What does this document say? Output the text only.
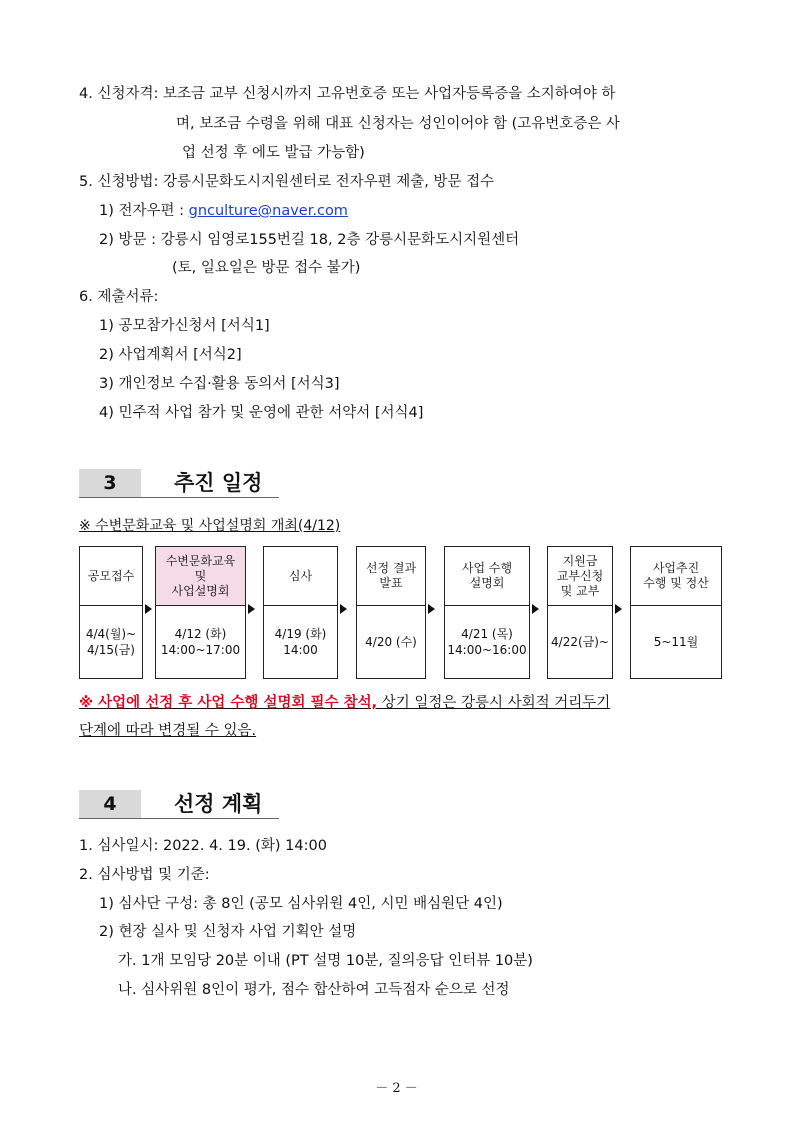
4. 신청자격: 보조금 교부 신청시까지 고유번호증 또는 사업자등록증을 소지하여야 하
며, 보조금 수령을 위해 대표 신청자는 성인이어야 함 (고유번호증은 사
업 선정 후 에도 발급 가능함)
5. 신청방법: 강릉시문화도시지원센터로 전자우편 제출, 방문 접수
1) 전자우편 : gnculture@naver.com
2) 방문 : 강릉시 임영로155번길 18, 2층 강릉시문화도시지원센터
(토, 일요일은 방문 접수 불가)
6. 제출서류:
1) 공모참가신청서 [서식1]
2) 사업계획서 [서식2]
3) 개인정보 수집·활용 동의서 [서식3]
4) 민주적 사업 참가 및 운영에 관한 서약서 [서식4]
3	추진 일정
※ 수변문화교육 및 사업설명회 개최(4/12)
공모접수
4/4(월)~
4/15(금)
수변문화교육
및
사업설명회
4/12 (화)
14:00~17:00
심사
4/19 (화)
14:00
선정 결과
발표
4/20 (수)
사업 수행
설명회
4/21 (목)
14:00~16:00
지원금
교부신청
및 교부
4/22(금)~
사업추진
수행 및 정산
5~11월
※ 사업에 선정 후 사업 수행 설명회 필수 참석, 상기 일정은 강릉시 사회적 거리두기
단계에 따라 변경될 수 있음.
4	선정 계획
1. 심사일시: 2022. 4. 19. (화) 14:00
2. 심사방법 및 기준:
1) 심사단 구성: 총 8인 (공모 심사위원 4인, 시민 배심원단 4인)
2) 현장 실사 및 신청자 사업 기획안 설명
가. 1개 모임당 20분 이내 (PT 설명 10분, 질의응답 인터뷰 10분)
나. 심사위원 8인이 평가, 점수 합산하여 고득점자 순으로 선정
－ 2 －
